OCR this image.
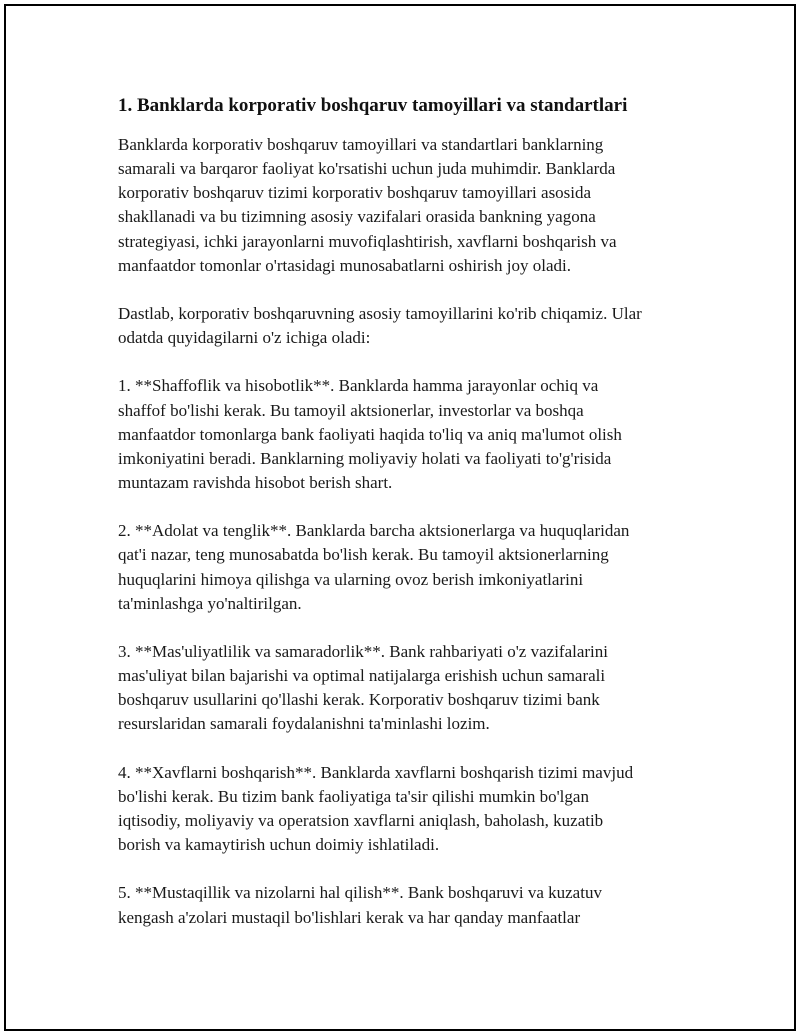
1. Banklarda korporativ boshqaruv tamoyillari va standartlari
Banklarda korporativ boshqaruv tamoyillari va standartlari banklarning
samarali va barqaror faoliyat ko'rsatishi uchun juda muhimdir. Banklarda
korporativ boshqaruv tizimi korporativ boshqaruv tamoyillari asosida
shakllanadi va bu tizimning asosiy vazifalari orasida bankning yagona
strategiyasi, ichki jarayonlarni muvofiqlashtirish, xavflarni boshqarish va
manfaatdor tomonlar o'rtasidagi munosabatlarni oshirish joy oladi.
Dastlab, korporativ boshqaruvning asosiy tamoyillarini ko'rib chiqamiz. Ular
odatda quyidagilarni o'z ichiga oladi:
1. **Shaffoflik va hisobotlik**. Banklarda hamma jarayonlar ochiq va
shaffof bo'lishi kerak. Bu tamoyil aktsionerlar, investorlar va boshqa
manfaatdor tomonlarga bank faoliyati haqida to'liq va aniq ma'lumot olish
imkoniyatini beradi. Banklarning moliyaviy holati va faoliyati to'g'risida
muntazam ravishda hisobot berish shart.
2. **Adolat va tenglik**. Banklarda barcha aktsionerlarga va huquqlaridan
qat'i nazar, teng munosabatda bo'lish kerak. Bu tamoyil aktsionerlarning
huquqlarini himoya qilishga va ularning ovoz berish imkoniyatlarini
ta'minlashga yo'naltirilgan.
3. **Mas'uliyatlilik va samaradorlik**. Bank rahbariyati o'z vazifalarini
mas'uliyat bilan bajarishi va optimal natijalarga erishish uchun samarali
boshqaruv usullarini qo'llashi kerak. Korporativ boshqaruv tizimi bank
resurslaridan samarali foydalanishni ta'minlashi lozim.
4. **Xavflarni boshqarish**. Banklarda xavflarni boshqarish tizimi mavjud
bo'lishi kerak. Bu tizim bank faoliyatiga ta'sir qilishi mumkin bo'lgan
iqtisodiy, moliyaviy va operatsion xavflarni aniqlash, baholash, kuzatib
borish va kamaytirish uchun doimiy ishlatiladi.
5. **Mustaqillik va nizolarni hal qilish**. Bank boshqaruvi va kuzatuv
kengash a'zolari mustaqil bo'lishlari kerak va har qanday manfaatlar
